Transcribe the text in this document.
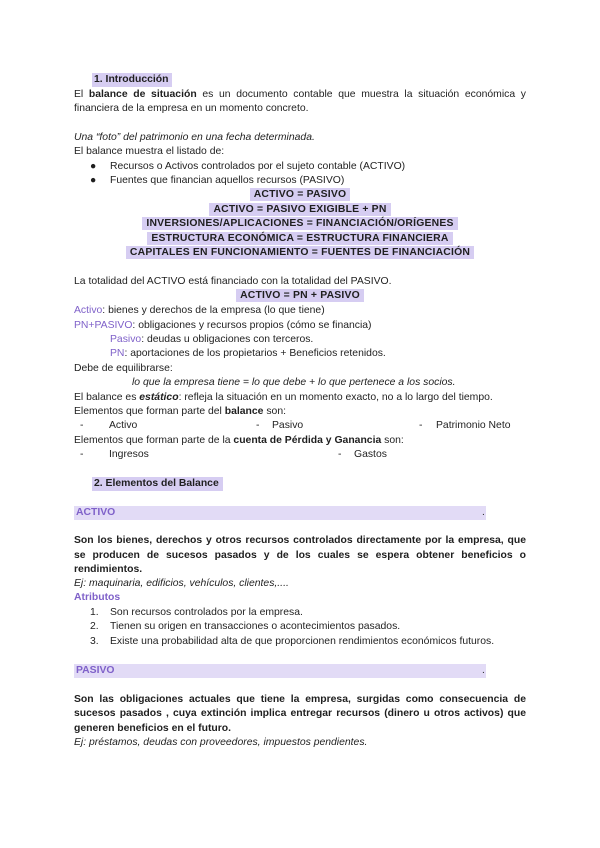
1. Introducción
El balance de situación es un documento contable que muestra la situación económica y
financiera de la empresa en un momento concreto.
Una “foto” del patrimonio en una fecha determinada.
El balance muestra el listado de:
● Recursos o Activos controlados por el sujeto contable (ACTIVO)
● Fuentes que financian aquellos recursos (PASIVO)
ACTIVO = PASIVO
ACTIVO = PASIVO EXIGIBLE + PN
INVERSIONES/APLICACIONES = FINANCIACIÓN/ORÍGENES
ESTRUCTURA ECONÓMICA = ESTRUCTURA FINANCIERA
CAPITALES EN FUNCIONAMIENTO = FUENTES DE FINANCIACIÓN
La totalidad del ACTIVO está financiado con la totalidad del PASIVO.
ACTIVO = PN + PASIVO
Activo: bienes y derechos de la empresa (lo que tiene)
PN+PASIVO: obligaciones y recursos propios (cómo se financia)
Pasivo: deudas u obligaciones con terceros.
PN: aportaciones de los propietarios + Beneficios retenidos.
Debe de equilibrarse:
lo que la empresa tiene = lo que debe + lo que pertenece a los socios.
El balance es estático: refleja la situación en un momento exacto, no a lo largo del tiempo.
Elementos que forman parte del balance son:
- Activo	- Pasivo	- Patrimonio Neto
Elementos que forman parte de la cuenta de Pérdida y Ganancia son:
- Ingresos	- Gastos
2. Elementos del Balance
ACTIVO	.
Son los bienes, derechos y otros recursos controlados directamente por la empresa, que
se producen de sucesos pasados y de los cuales se espera obtener beneficios o
rendimientos.
Ej: maquinaria, edificios, vehículos, clientes,....
Atributos
1. Son recursos controlados por la empresa.
2. Tienen su origen en transacciones o acontecimientos pasados.
3. Existe una probabilidad alta de que proporcionen rendimientos económicos futuros.
PASIVO	.
Son las obligaciones actuales que tiene la empresa, surgidas como consecuencia de
sucesos pasados , cuya extinción implica entregar recursos (dinero u otros activos) que
generen beneficios en el futuro.
Ej: préstamos, deudas con proveedores, impuestos pendientes.
